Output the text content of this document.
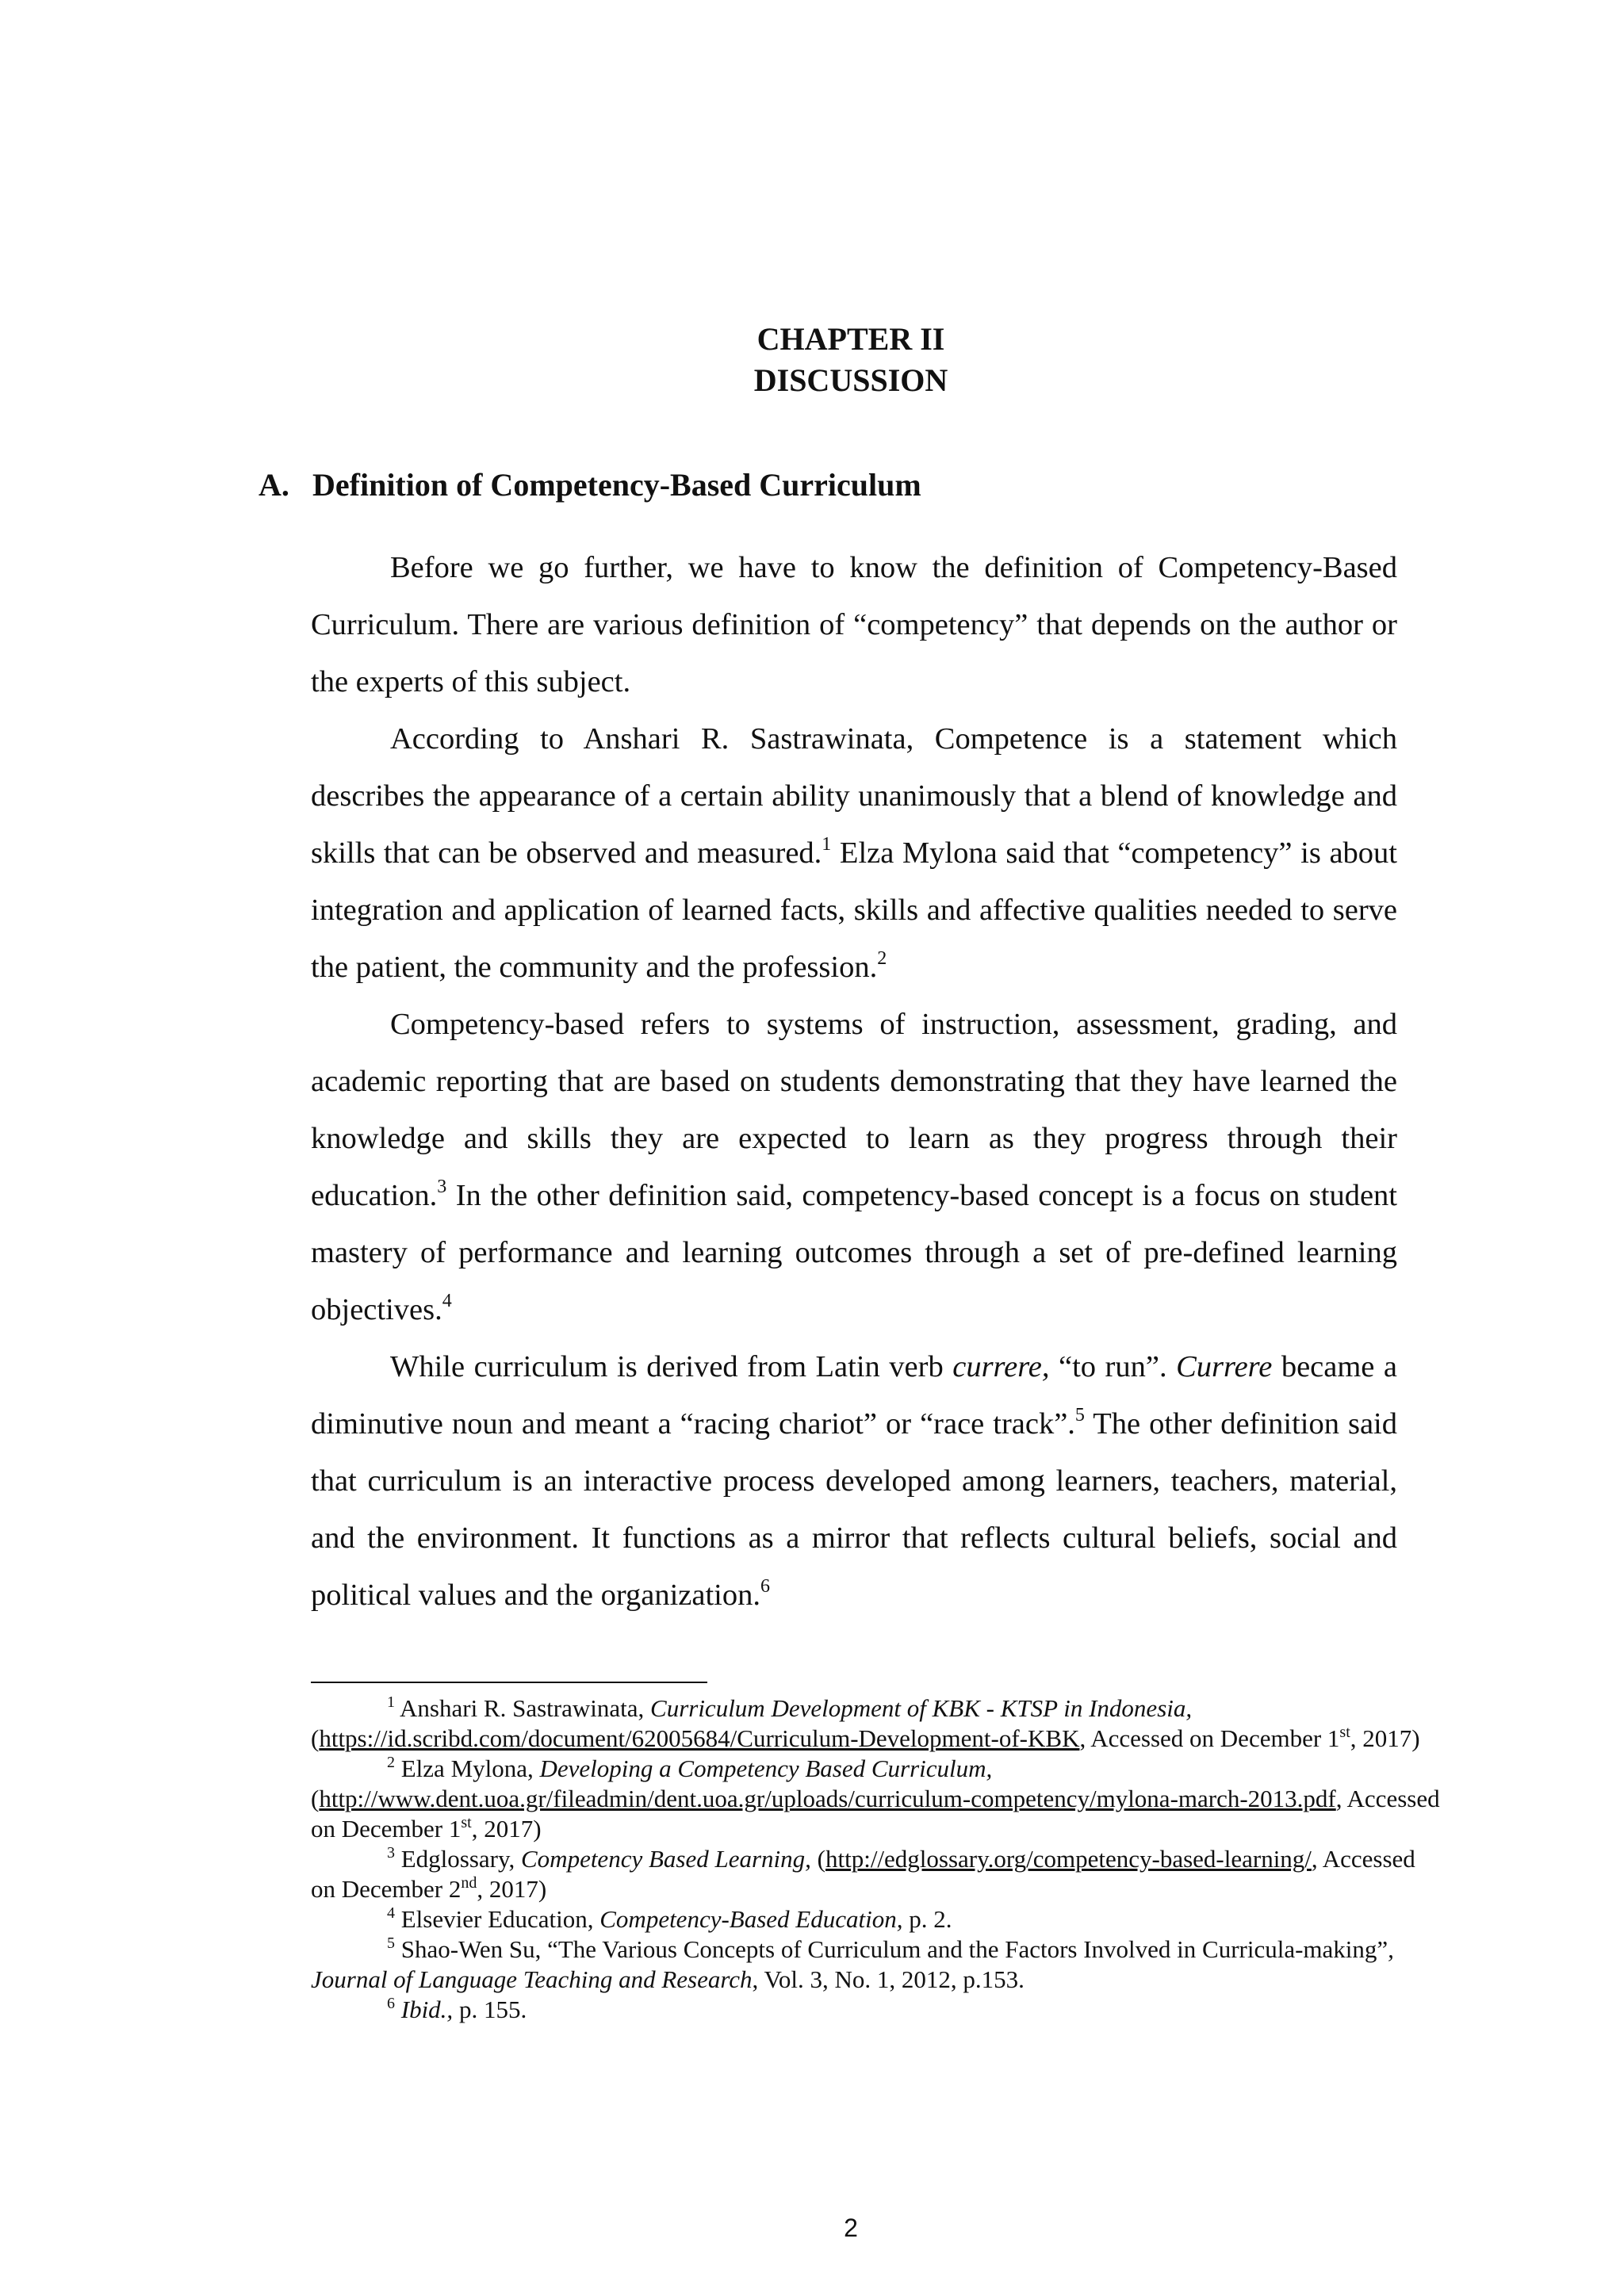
CHAPTER II
DISCUSSION
A. Definition of Competency-Based Curriculum

Before we go further, we have to know the definition of Competency-Based Curriculum. There are various definition of “competency” that depends on the author or the experts of this subject.

According to Anshari R. Sastrawinata, Competence is a statement which describes the appearance of a certain ability unanimously that a blend of knowledge and skills that can be observed and measured.$^1$ Elza Mylona said that “competency” is about integration and application of learned facts, skills and affective qualities needed to serve the patient, the community and the profession.$^2$

Competency-based refers to systems of instruction, assessment, grading, and academic reporting that are based on students demonstrating that they have learned the knowledge and skills they are expected to learn as they progress through their education.$^3$ In the other definition said, competency-based concept is a focus on student mastery of performance and learning outcomes through a set of pre-defined learning objectives.$^4$

While curriculum is derived from Latin verb currere, “to run”. Currere became a diminutive noun and meant a “racing chariot” or “race track”.$^5$ The other definition said that curriculum is an interactive process developed among learners, teachers, material, and the environment. It functions as a mirror that reflects cultural beliefs, social and political values and the organization.$^6$

$^1$ Anshari R. Sastrawinata, Curriculum Development of KBK - KTSP in Indonesia, (https://id.scribd.com/document/62005684/Curriculum-Development-of-KBK, Accessed on December 1st, 2017)

$^2$ Elza Mylona, Developing a Competency Based Curriculum, (http://www.dent.uoa.gr/fileadmin/dent.uoa.gr/uploads/curriculum-competency/mylona-march-2013.pdf, Accessed on December 1st, 2017)

$^3$ Edglossary, Competency Based Learning, (http://edglossary.org/competency-based-learning/, Accessed on December 2nd, 2017)

$^4$ Elsevier Education, Competency-Based Education, p. 2.

$^5$ Shao-Wen Su, “The Various Concepts of Curriculum and the Factors Involved in Curricula-making”, Journal of Language Teaching and Research, Vol. 3, No. 1, 2012, p.153.

$^6$ Ibid., p. 155.

2
